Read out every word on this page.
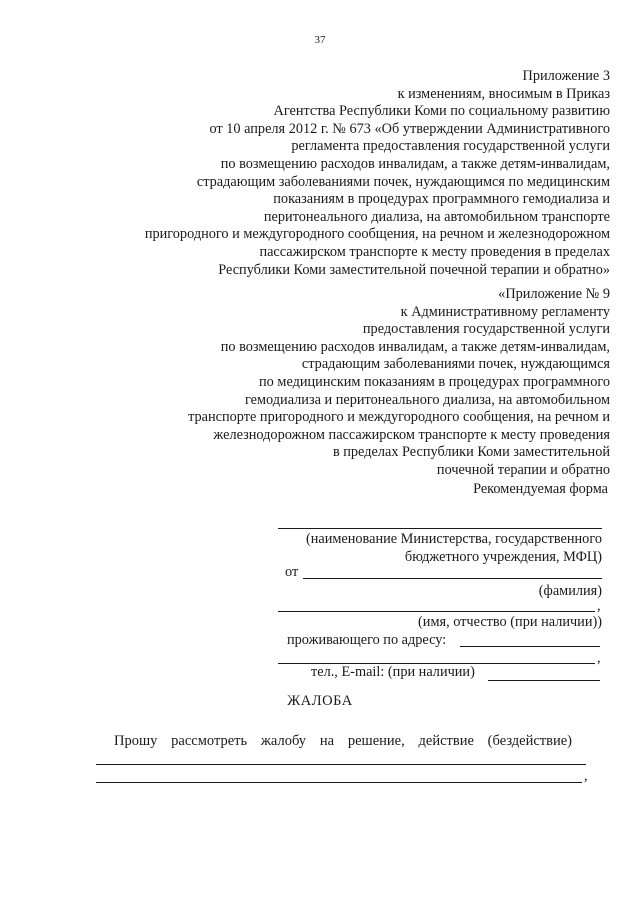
37
Приложение 3
к изменениям, вносимым в Приказ
Агентства Республики Коми по социальному развитию
от 10 апреля 2012 г. № 673 «Об утверждении Административного
регламента предоставления государственной услуги
по возмещению расходов инвалидам, а также детям-инвалидам,
страдающим заболеваниями почек, нуждающимся по медицинским
показаниям в процедурах программного гемодиализа и
перитонеального диализа, на автомобильном транспорте
пригородного и междугородного сообщения, на речном и железнодорожном
пассажирском транспорте к месту проведения в пределах
Республики Коми заместительной почечной терапии и обратно»
«Приложение № 9
к Административному регламенту
предоставления государственной услуги
по возмещению расходов инвалидам, а также детям-инвалидам,
страдающим заболеваниями почек, нуждающимся
по медицинским показаниям в процедурах программного
гемодиализа и перитонеального диализа, на автомобильном
транспорте пригородного и междугородного сообщения, на речном и
железнодорожном пассажирском транспорте к месту проведения
в пределах Республики Коми заместительной
почечной терапии и обратно
Рекомендуемая форма
(наименование Министерства, государственного
бюджетного учреждения, МФЦ)
от
(фамилия)
,
(имя, отчество (при наличии))
проживающего по адресу:
,
тел., E-mail: (при наличии)
ЖАЛОБА
Прошу рассмотреть жалобу на решение, действие (бездействие)
,
